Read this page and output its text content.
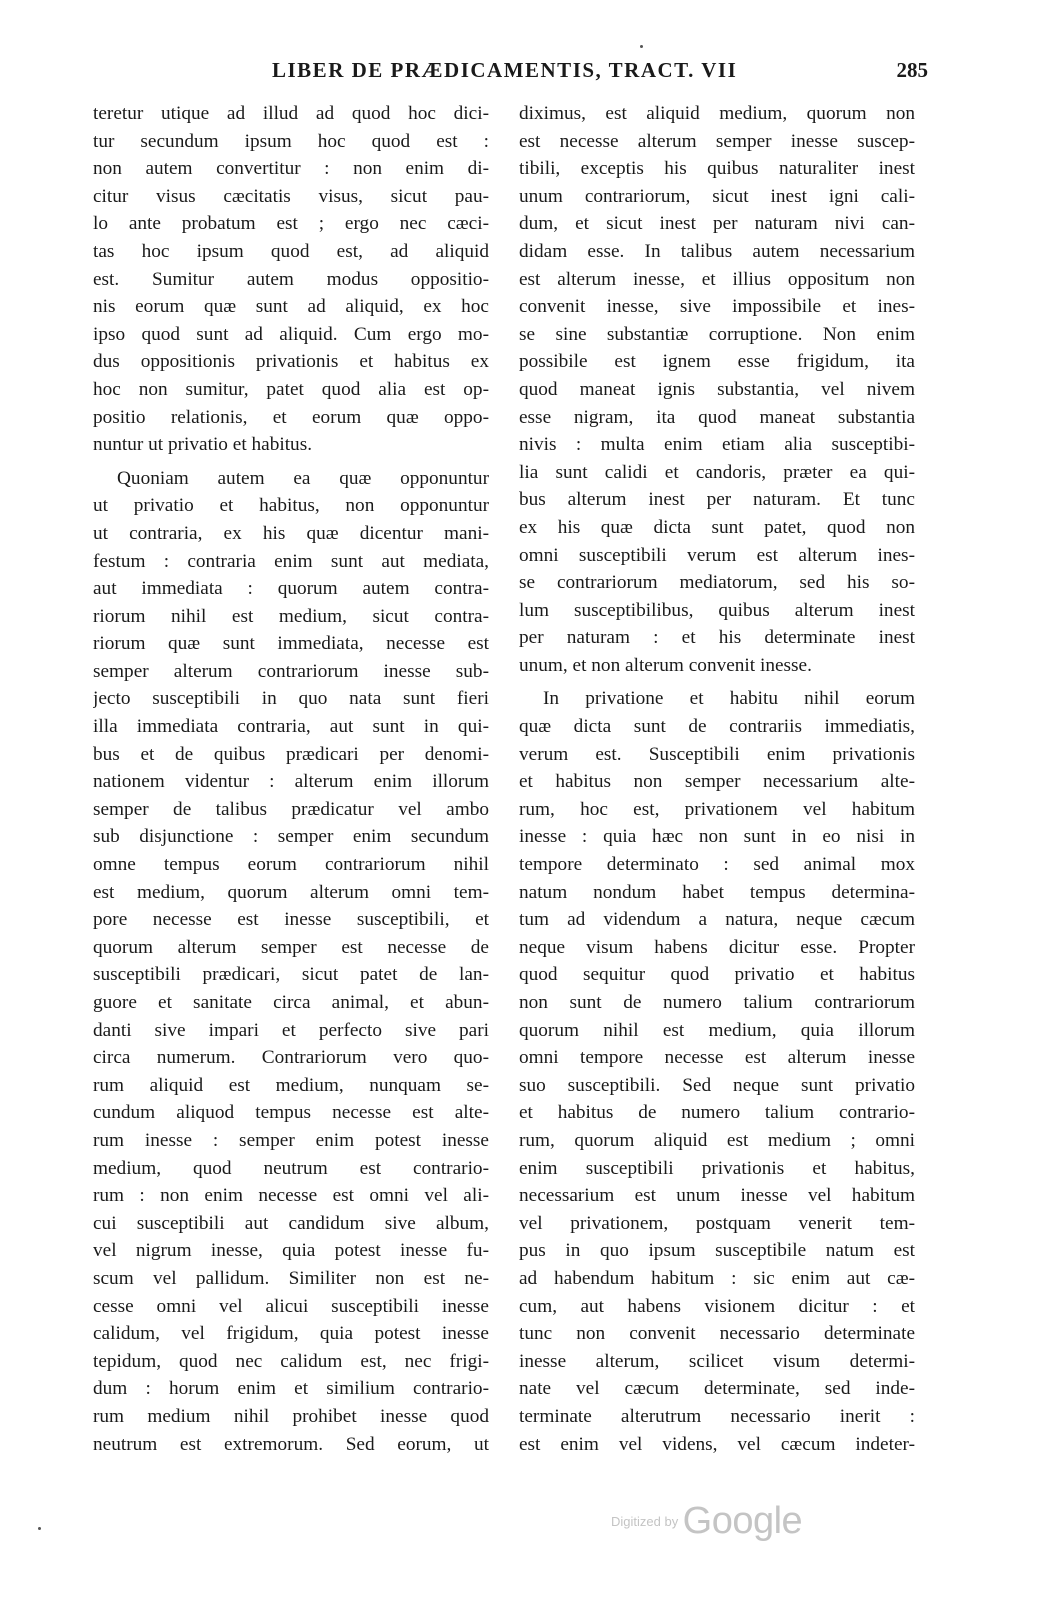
LIBER DE PRÆDICAMENTIS, TRACT. VII	285
teretur utique ad illud ad quod hoc dici-
tur secundum ipsum hoc quod est :
non autem convertitur : non enim di-
citur visus cæcitatis visus, sicut pau-
lo ante probatum est ; ergo nec cæci-
tas hoc ipsum quod est, ad aliquid
est. Sumitur autem modus oppositio-
nis eorum quæ sunt ad aliquid, ex hoc
ipso quod sunt ad aliquid. Cum ergo mo-
dus oppositionis privationis et habitus ex
hoc non sumitur, patet quod alia est op-
positio relationis, et eorum quæ oppo-
nuntur ut privatio et habitus.
Quoniam autem ea quæ opponuntur
ut privatio et habitus, non opponuntur
ut contraria, ex his quæ dicentur mani-
festum : contraria enim sunt aut mediata,
aut immediata : quorum autem contra-
riorum nihil est medium, sicut contra-
riorum quæ sunt immediata, necesse est
semper alterum contrariorum inesse sub-
jecto susceptibili in quo nata sunt fieri
illa immediata contraria, aut sunt in qui-
bus et de quibus prædicari per denomi-
nationem videntur : alterum enim illorum
semper de talibus prædicatur vel ambo
sub disjunctione : semper enim secundum
omne tempus eorum contrariorum nihil
est medium, quorum alterum omni tem-
pore necesse est inesse susceptibili, et
quorum alterum semper est necesse de
susceptibili prædicari, sicut patet de lan-
guore et sanitate circa animal, et abun-
danti sive impari et perfecto sive pari
circa numerum. Contrariorum vero quo-
rum aliquid est medium, nunquam se-
cundum aliquod tempus necesse est alte-
rum inesse : semper enim potest inesse
medium, quod neutrum est contrario-
rum : non enim necesse est omni vel ali-
cui susceptibili aut candidum sive album,
vel nigrum inesse, quia potest inesse fu-
scum vel pallidum. Similiter non est ne-
cesse omni vel alicui susceptibili inesse
calidum, vel frigidum, quia potest inesse
tepidum, quod nec calidum est, nec frigi-
dum : horum enim et similium contrario-
rum medium nihil prohibet inesse quod
neutrum est extremorum. Sed eorum, ut
diximus, est aliquid medium, quorum non
est necesse alterum semper inesse suscep-
tibili, exceptis his quibus naturaliter inest
unum contrariorum, sicut inest igni cali-
dum, et sicut inest per naturam nivi can-
didam esse. In talibus autem necessarium
est alterum inesse, et illius oppositum non
convenit inesse, sive impossibile et ines-
se sine substantiæ corruptione. Non enim
possibile est ignem esse frigidum, ita
quod maneat ignis substantia, vel nivem
esse nigram, ita quod maneat substantia
nivis : multa enim etiam alia susceptibi-
lia sunt calidi et candoris, præter ea qui-
bus alterum inest per naturam. Et tunc
ex his quæ dicta sunt patet, quod non
omni susceptibili verum est alterum ines-
se contrariorum mediatorum, sed his so-
lum susceptibilibus, quibus alterum inest
per naturam : et his determinate inest
unum, et non alterum convenit inesse.
In privatione et habitu nihil eorum
quæ dicta sunt de contrariis immediatis,
verum est. Susceptibili enim privationis
et habitus non semper necessarium alte-
rum, hoc est, privationem vel habitum
inesse : quia hæc non sunt in eo nisi in
tempore determinato : sed animal mox
natum nondum habet tempus determina-
tum ad videndum a natura, neque cæcum
neque visum habens dicitur esse. Propter
quod sequitur quod privatio et habitus
non sunt de numero talium contrariorum
quorum nihil est medium, quia illorum
omni tempore necesse est alterum inesse
suo susceptibili. Sed neque sunt privatio
et habitus de numero talium contrario-
rum, quorum aliquid est medium ; omni
enim susceptibili privationis et habitus,
necessarium est unum inesse vel habitum
vel privationem, postquam venerit tem-
pus in quo ipsum susceptibile natum est
ad habendum habitum : sic enim aut cæ-
cum, aut habens visionem dicitur : et
tunc non convenit necessario determinate
inesse alterum, scilicet visum determi-
nate vel cæcum determinate, sed inde-
terminate alterutrum necessario inerit :
est enim vel videns, vel cæcum indeter-
Digitized by Google
